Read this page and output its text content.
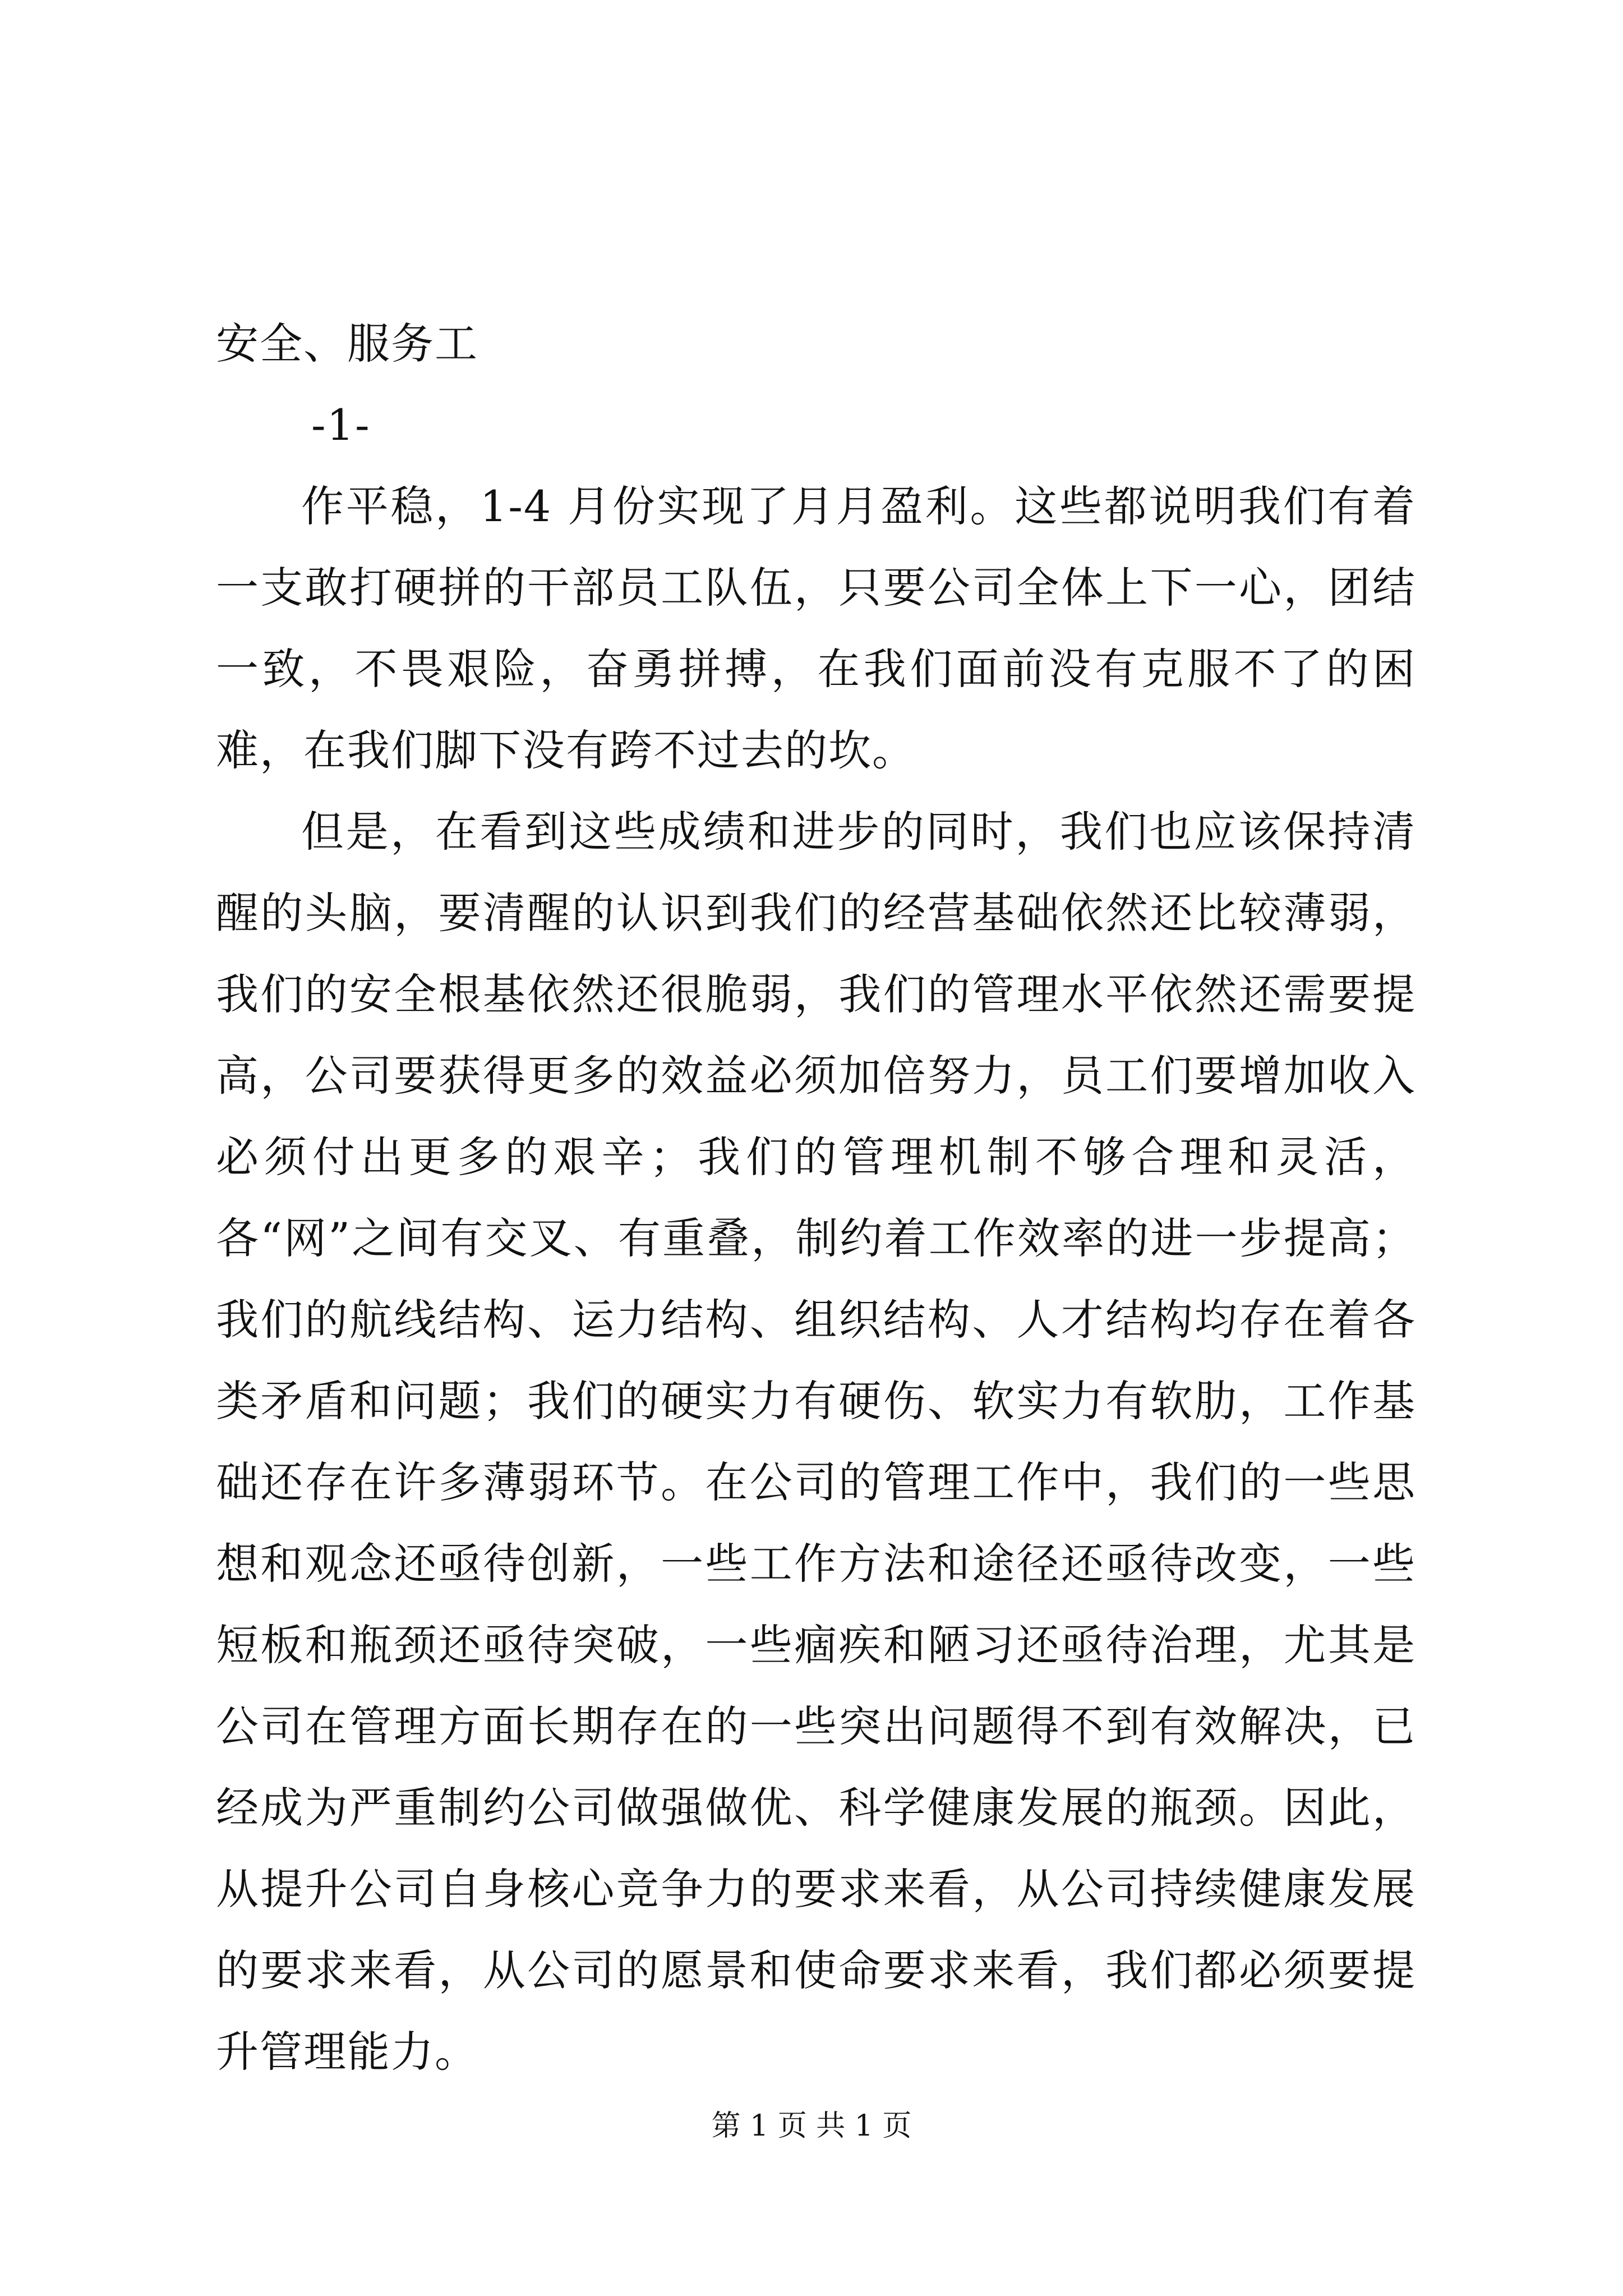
安全、服务工
-1-

作平稳，1-4 月份实现了月月盈利。这些都说明我们有着一支敢打硬拼的干部员工队伍，只要公司全体上下一心，团结一致，不畏艰险，奋勇拼搏，在我们面前没有克服不了的困难，在我们脚下没有跨不过去的坎。

但是，在看到这些成绩和进步的同时，我们也应该保持清醒的头脑，要清醒的认识到我们的经营基础依然还比较薄弱，我们的安全根基依然还很脆弱，我们的管理水平依然还需要提高，公司要获得更多的效益必须加倍努力，员工们要增加收入必须付出更多的艰辛；我们的管理机制不够合理和灵活，各“网”之间有交叉、有重叠，制约着工作效率的进一步提高；我们的航线结构、运力结构、组织结构、人才结构均存在着各类矛盾和问题；我们的硬实力有硬伤、软实力有软肋，工作基础还存在许多薄弱环节。在公司的管理工作中，我们的一些思想和观念还亟待创新，一些工作方法和途径还亟待改变，一些短板和瓶颈还亟待突破，一些痼疾和陋习还亟待治理，尤其是公司在管理方面长期存在的一些突出问题得不到有效解决，已经成为严重制约公司做强做优、科学健康发展的瓶颈。因此，从提升公司自身核心竞争力的要求来看，从公司持续健康发展的要求来看，从公司的愿景和使命要求来看，我们都必须要提升管理能力。

第 1 页 共 1 页
